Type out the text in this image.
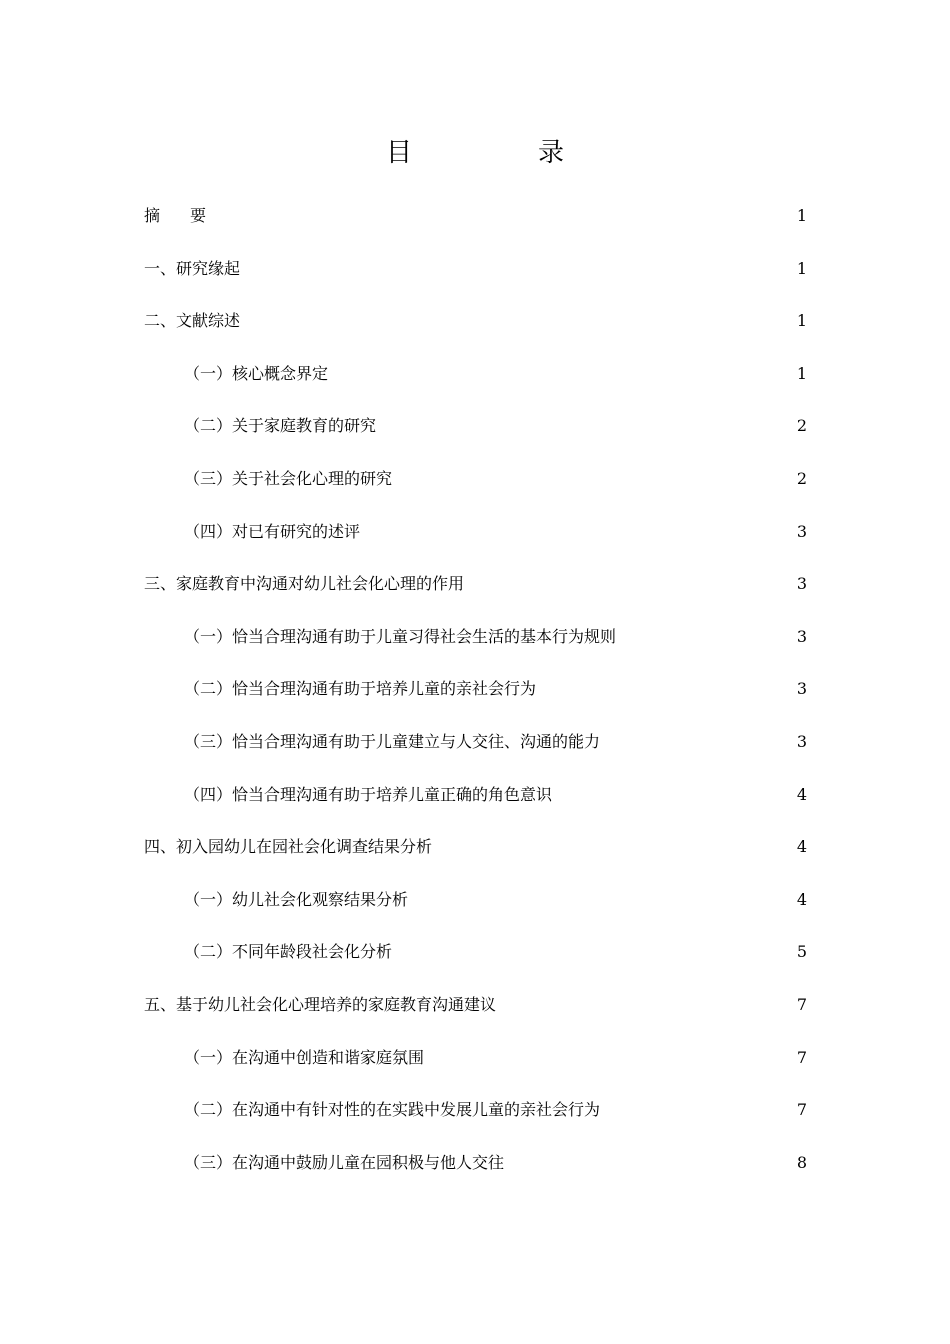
目　录
摘要	1
一、研究缘起	1
二、文献综述	1
（一）核心概念界定	1
（二）关于家庭教育的研究	2
（三）关于社会化心理的研究	2
（四）对已有研究的述评	3
三、家庭教育中沟通对幼儿社会化心理的作用	3
（一）恰当合理沟通有助于儿童习得社会生活的基本行为规则	3
（二）恰当合理沟通有助于培养儿童的亲社会行为	3
（三）恰当合理沟通有助于儿童建立与人交往、沟通的能力	3
（四）恰当合理沟通有助于培养儿童正确的角色意识	4
四、初入园幼儿在园社会化调查结果分析	4
（一）幼儿社会化观察结果分析	4
（二）不同年龄段社会化分析	5
五、基于幼儿社会化心理培养的家庭教育沟通建议	7
（一）在沟通中创造和谐家庭氛围	7
（二）在沟通中有针对性的在实践中发展儿童的亲社会行为	7
（三）在沟通中鼓励儿童在园积极与他人交往	8
